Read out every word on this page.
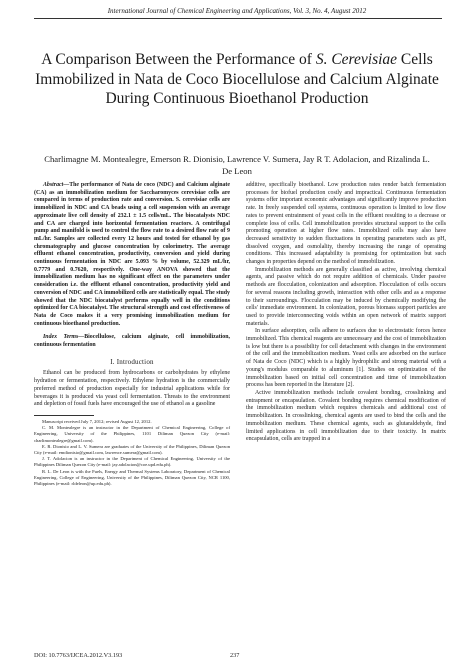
International Journal of Chemical Engineering and Applications, Vol. 3, No. 4, August 2012
A Comparison Between the Performance of S. Cerevisiae Cells Immobilized in Nata de Coco Biocellulose and Calcium Alginate During Continuous Bioethanol Production
Charlimagne M. Montealegre, Emerson R. Dionisio, Lawrence V. Sumera, Jay R T. Adolacion, and Rizalinda L. De Leon

Abstract—The performance of Nata de coco (NDC) and Calcium alginate (CA) as an immobilization medium for Saccharomyces cerevisiae cells are compared in terms of production rate and conversion. S. cerevisiae cells are immobilized in NDC and CA beads using a cell suspension with an average approximate live cell density of 232.1 ± 1.5 cells/mL. The biocatalysts NDC and CA are charged into horizontal fermentation reactors. A centrifugal pump and manifold is used to control the flow rate to a desired flow rate of 9 mL/hr. Samples are collected every 12 hours and tested for ethanol by gas chromatography and glucose concentration by colorimetry. The average effluent ethanol concentration, productivity, conversion and yield during continuous fermentation in NDC are 5.093 % by volume, 52.329 mL/hr, 0.7779 and 0.7620, respectively. One-way ANOVA showed that the immobilization medium has no significant effect on the parameters under consideration i.e. the effluent ethanol concentration, productivity yield and conversion of NDC and CA immobilized cells are statistically equal. The study showed that the NDC biocatalyst performs equally well in the conditions optimized for CA biocatalyst. The structural strength and cost effectiveness of Nata de Coco makes it a very promising immobilization medium for continuous bioethanol production.

Index Terms—Biocellulose, calcium alginate, cell immobilization, continuous fermentation

I. Introduction

Ethanol can be produced from hydrocarbons or carbohydrates by ethylene hydration or fermentation, respectively. Ethylene hydration is the commercially preferred method of production especially for industrial applications while for beverages it is produced via yeast cell fermentation. Threats to the environment and depletion of fossil fuels have encouraged the use of ethanol as a gasoline

Manuscript received July 7, 2012; revised August 12, 2012.

C. M. Montealegre is an instructor in the Department of Chemical Engineering, College of Engineering, University of the Philippines, 1101 Diliman Quezon City (e-mail: charlimontealegre@gmail.com).

E. R. Dionisio and L. V. Sumera are graduates of the University of the Philippines, Diliman Quezon City (e-mail: emdionisio@gmail.com, lawrence.sumera@gmail.com).

J. T. Adolacion is an instructor in the Department of Chemical Engineering, University of the Philippines Diliman Quezon City (e-mail: jay.adolacion@coe.upd.edu.ph).

R. L. De Leon is with the Fuels, Energy and Thermal Systems Laboratory, Department of Chemical Engineering, College of Engineering, University of the Philippines, Diliman Quezon City, NCR 1100, Philippines (e-mail: rldeleon@up.edu.ph).

additive, specifically bioethanol. Low production rates render batch fermentation processes for biofuel production costly and impractical. Continuous fermentation systems offer important economic advantages and significantly improve production rate. In freely suspended cell systems, continuous operation is limited to low flow rates to prevent entrainment of yeast cells in the effluent resulting to a decrease or complete loss of cells. Cell immobilization provides structural support to the cells promoting operation at higher flow rates. Immobilized cells may also have decreased sensitivity to sudden fluctuations in operating parameters such as pH, dissolved oxygen, and osmolality, thereby increasing the range of operating conditions. This increased adaptability is promising for optimization but such changes in properties depend on the method of immobilization.

Immobilization methods are generally classified as active, involving chemical agents, and passive which do not require addition of chemicals. Under passive methods are flocculation, colonization and adsorption. Flocculation of cells occurs for several reasons including growth, interaction with other cells and as a response to their surroundings. Flocculation may be induced by chemically modifying the cells' immediate environment. In colonization, porous biomass support particles are used to provide interconnecting voids within an open network of matrix support materials.

In surface adsorption, cells adhere to surfaces due to electrostatic forces hence immobilized. This chemical reagents are unnecessary and the cost of immobilization is low but there is a possibility for cell detachment with changes in the environment of the cell and the immobilization medium. Yeast cells are adsorbed on the surface of Nata de Coco (NDC) which is a highly hydrophilic and strong material with a young's modulus comparable to aluminum [1]. Studies on optimization of the immobilization based on initial cell concentration and time of immobilization process has been reported in the literature [2].

Active immobilization methods include covalent bonding, crosslinking and entrapment or encapsulation. Covalent bonding requires chemical modification of the immobilization medium which requires chemicals and additional cost of immobilization. In crosslinking, chemical agents are used to bind the cells and the immobilization medium. These chemical agents, such as glutaraldehyde, find limited applications in cell immobilization due to their toxicity. In matrix encapsulation, cells are trapped in a

DOI: 10.7763/IJCEA.2012.V3.193	237
